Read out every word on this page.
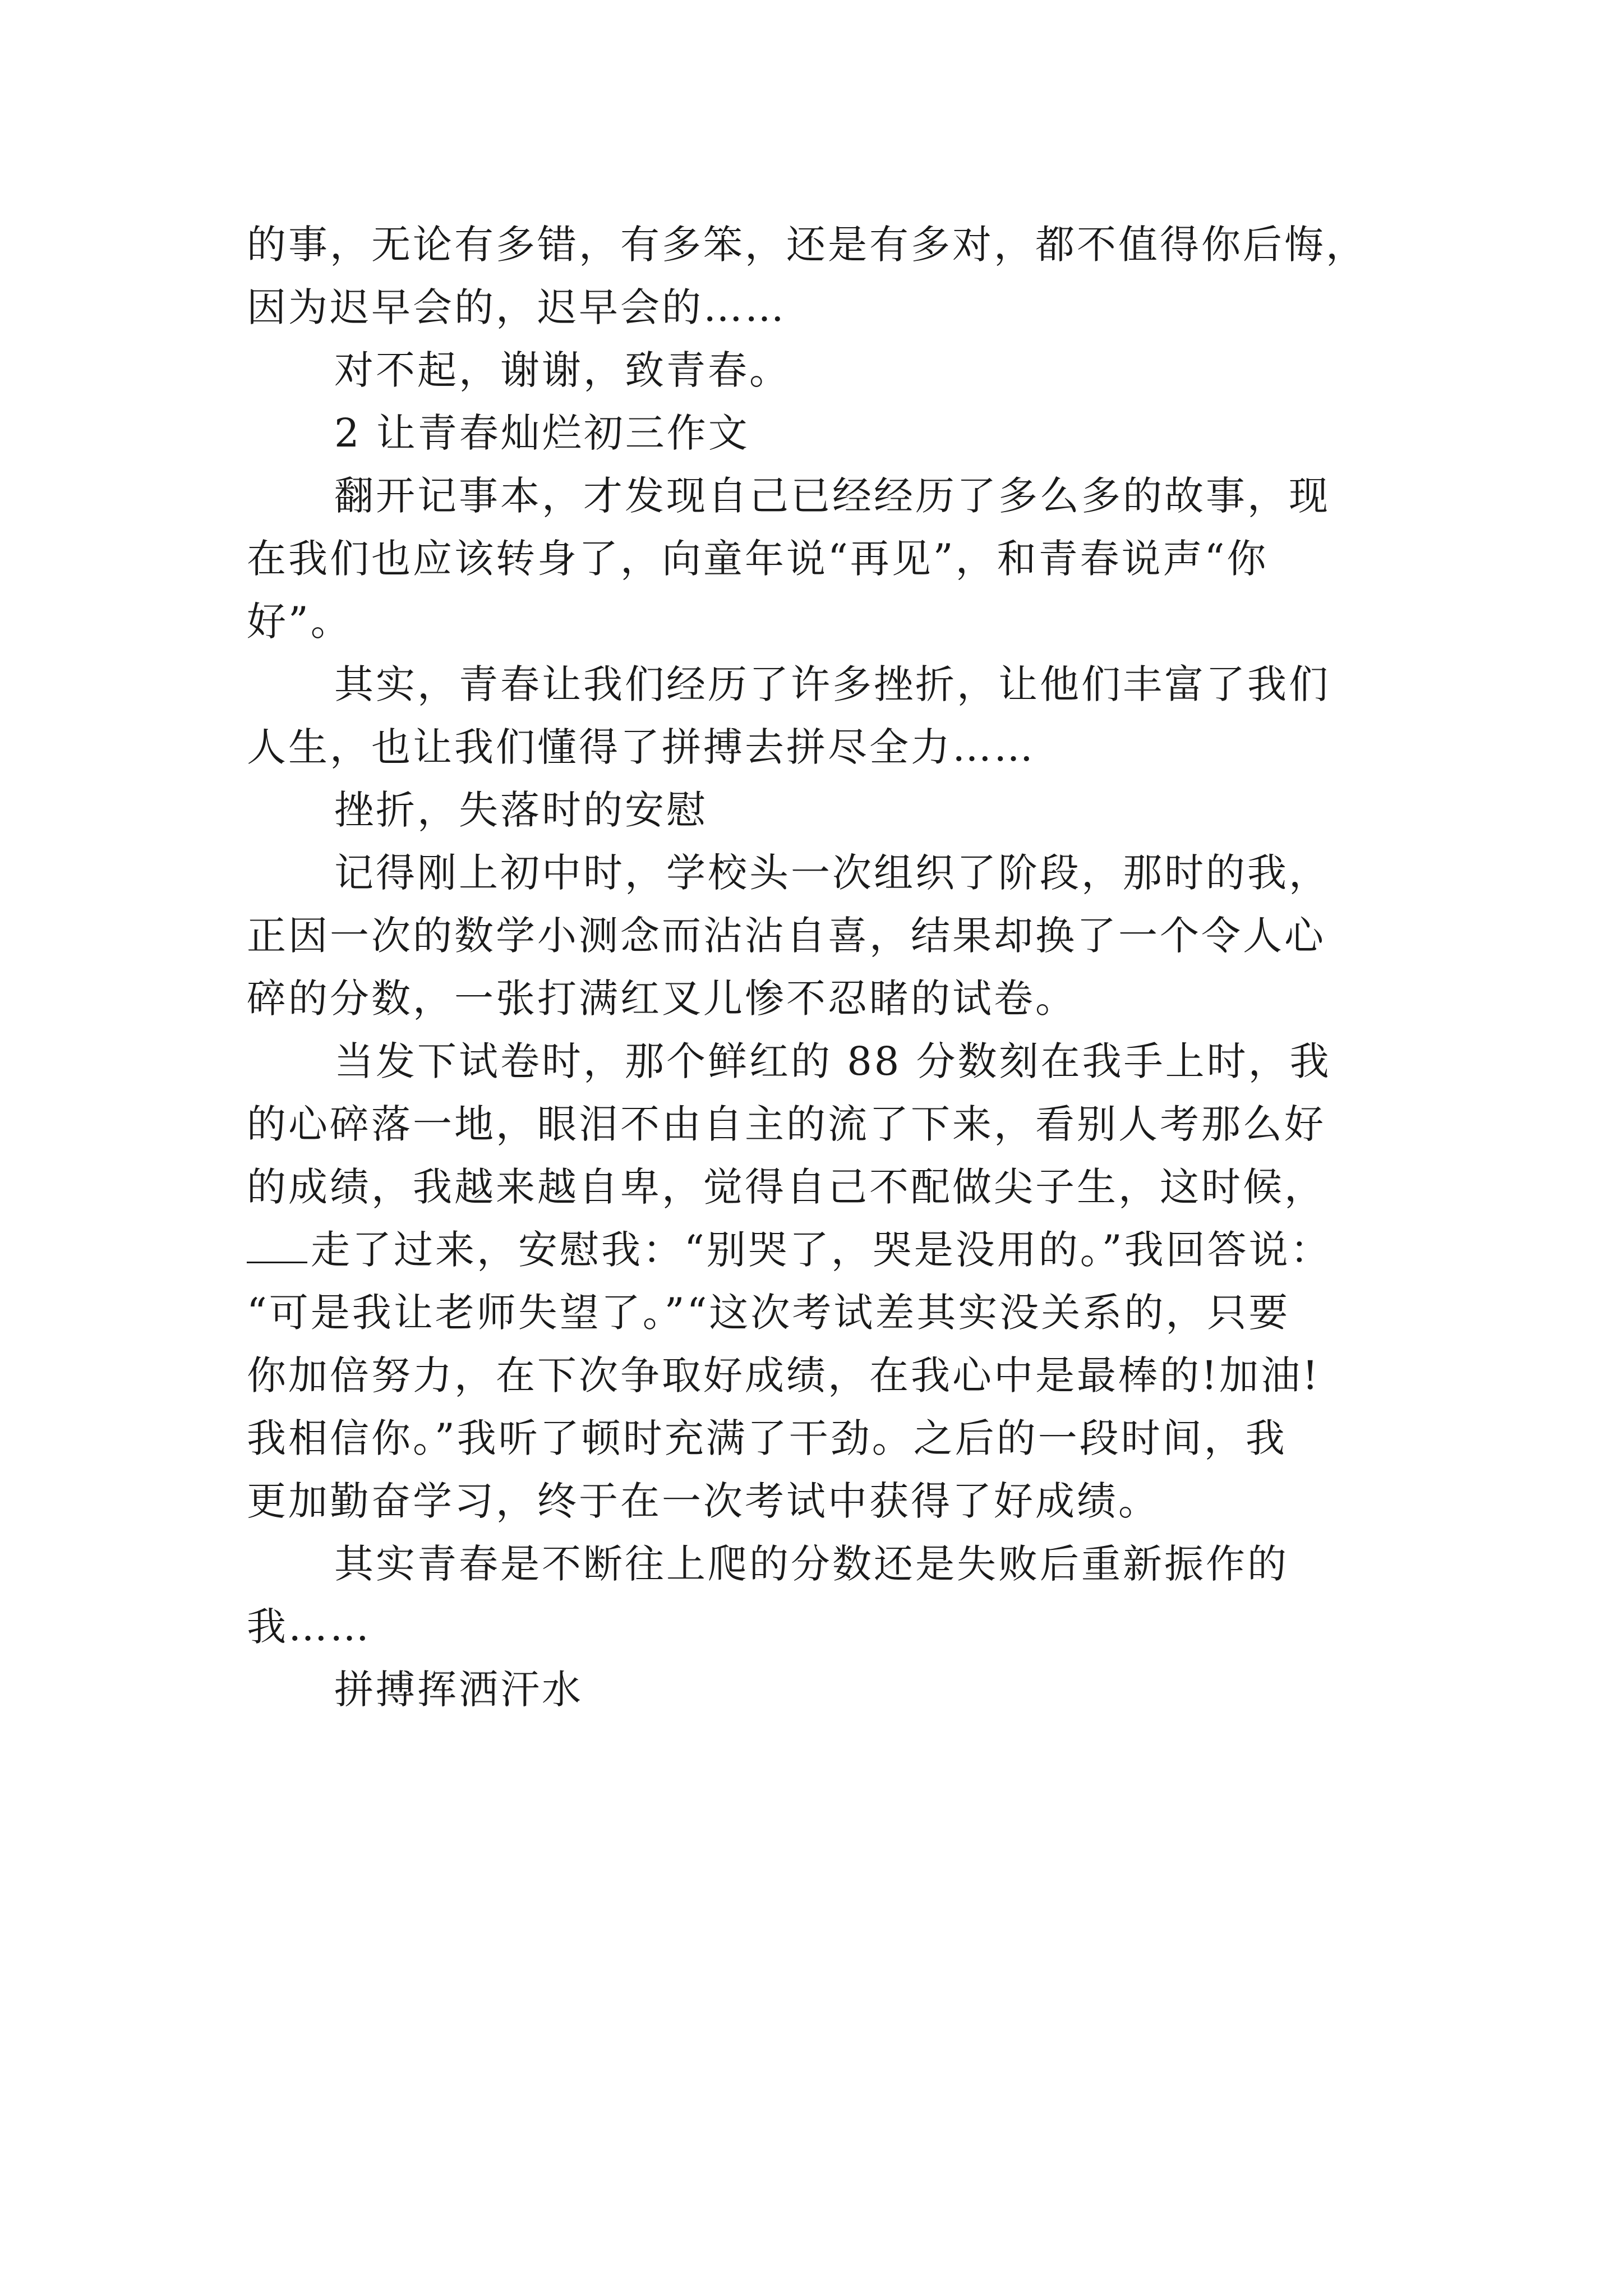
的事，无论有多错，有多笨，还是有多对，都不值得你后悔，
因为迟早会的，迟早会的……
对不起，谢谢，致青春。
2 让青春灿烂初三作文
翻开记事本，才发现自己已经经历了多么多的故事，现
在我们也应该转身了，向童年说“再见”，和青春说声“你
好”。
其实，青春让我们经历了许多挫折，让他们丰富了我们
人生，也让我们懂得了拼搏去拼尽全力……
挫折，失落时的安慰
记得刚上初中时，学校头一次组织了阶段，那时的我，
正因一次的数学小测念而沾沾自喜，结果却换了一个令人心
碎的分数，一张打满红叉儿惨不忍睹的试卷。
当发下试卷时，那个鲜红的 88 分数刻在我手上时，我
的心碎落一地，眼泪不由自主的流了下来，看别人考那么好
的成绩，我越来越自卑，觉得自己不配做尖子生，这时候，
走了过来，安慰我：“别哭了，哭是没用的。”我回答说：
“可是我让老师失望了。”“这次考试差其实没关系的，只要
你加倍努力，在下次争取好成绩，在我心中是最棒的!加油!
我相信你。”我听了顿时充满了干劲。之后的一段时间，我
更加勤奋学习，终于在一次考试中获得了好成绩。
其实青春是不断往上爬的分数还是失败后重新振作的
我……
拼搏挥洒汗水
